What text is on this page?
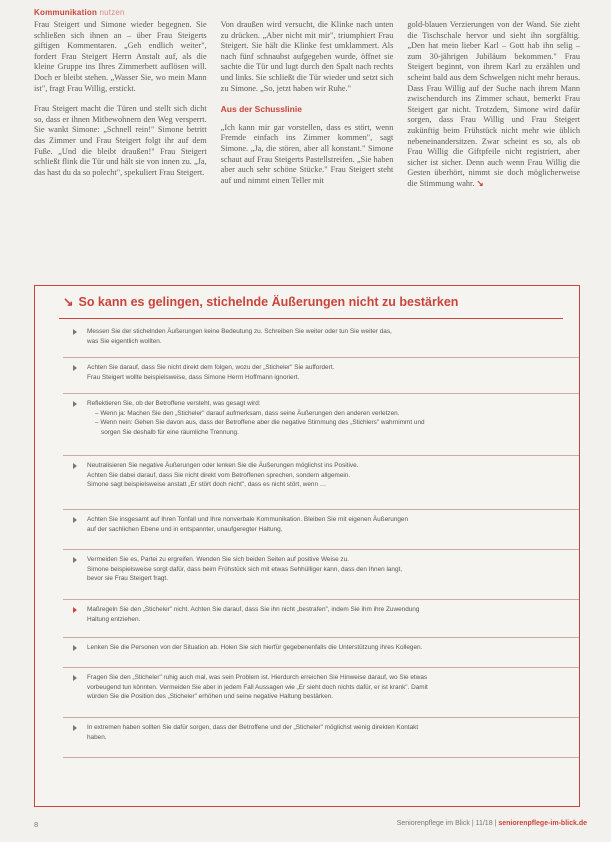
Kommunikation nutzen

Frau Steigert und Simone wieder begegnen. Sie schließen sich ihnen an – über Frau Steigerts giftigen Kommentaren. „Geh endlich weiter", fordert Frau Steigert Herrn Anstalt auf, als die kleine Gruppe ins Ihres Zimmerbett auflösen will. Doch er bleibt stehen. „Wasser Sie, wo mein Mann ist", fragt Frau Willig, erstickt.

Frau Steigert macht die Türen und stellt sich dicht so, dass er ihnen Mitbewohnern den Weg versperrt. Sie wankt Simone: „Schnell rein!" Simone betritt das Zimmer und Frau Steigert folgt ihr auf dem Fuße. „Und die bleibt draußen!" Frau Steigert schließt flink die Tür und hält sie von innen zu. „Ja, das hast du da so polecht", spekuliert Frau Steigert.

Von draußen wird versucht, die Klinke nach unten zu drücken. „Aber nicht mit mir", triumphiert Frau Steigert. Sie hält die Klinke fest umklammert. Als nach fünf schnaubst aufgegeben wurde, öffnet sie sachte die Tür und lugt durch den Spalt nach rechts und links. Sie schließt die Tür wieder und setzt sich zu Simone. „So, jetzt haben wir Ruhe."

Aus der Schusslinie

„Ich kann mir gar vorstellen, dass es stört, wenn Fremde einfach ins Zimmer kommen", sagt Simone. „Ja, die stören, aber all konstant." Simone schaut auf Frau Steigerts Pastellstreifen. „Sie haben aber auch sehr schöne Stücke." Frau Steigert steht auf und nimmt einen Teller mit

gold-blauen Verzierungen von der Wand. Sie zieht die Tischschale hervor und sieht ihn sorgfältig. „Den hat mein lieber Karl – Gott hab ihn selig – zum 30-jährigen Jubiläum bekommen." Frau Steigert beginnt, von ihrem Karl zu erzählen und scheint bald aus dem Schwelgen nicht mehr heraus. Dass Frau Willig auf der Suche nach ihrem Mann zwischendurch ins Zimmer schaut, bemerkt Frau Steigert gar nicht. Trotzdem, Simone wird dafür sorgen, dass Frau Willig und Frau Steigert zukünftig beim Frühstück nicht mehr wie üblich nebeneinandersitzen. Zwar scheint es so, als ob Frau Willig die Giftpfeile nicht registriert, aber sicher ist sicher. Denn auch wenn Frau Willig die Gesten überhört, nimmt sie doch möglicherweise die Stimmung wahr. ↘

↘ So kann es gelingen, stichelnde Äußerungen nicht zu bestärken
Messen Sie der stichelnden Äußerungen keine Bedeutung zu. Schreiben Sie weiter oder tun Sie weiter das,
was Sie eigentlich wollten.
Achten Sie darauf, dass Sie nicht direkt dem folgen, wozu der „Sticheler" Sie auffordert.
Frau Steigert wollte beispielsweise, dass Simone Herrn Hoffmann ignoriert.
Reflektieren Sie, ob der Betroffene versteht, was gesagt wird:
– Wenn ja: Machen Sie den „Sticheler" darauf aufmerksam, dass seine Äußerungen den anderen verletzen.
– Wenn nein: Gehen Sie davon aus, dass der Betroffene aber die negative Stimmung des „Stichlers" wahrnimmt und
sorgen Sie deshalb für eine räumliche Trennung.
Neutralisieren Sie negative Äußerungen oder lenken Sie die Äußerungen möglichst ins Positive.
Achten Sie dabei darauf, dass Sie nicht direkt vom Betroffenen sprechen, sondern allgemein.
Simone sagt beispielsweise anstatt „Er stört doch nicht", dass es nicht stört, wenn …
Achten Sie insgesamt auf Ihren Tonfall und Ihre nonverbale Kommunikation. Bleiben Sie mit eigenen Äußerungen
auf der sachlichen Ebene und in entspannter, unaufgeregter Haltung.
Vermeiden Sie es, Partei zu ergreifen. Wenden Sie sich beiden Seiten auf positive Weise zu.
Simone beispielsweise sorgt dafür, dass beim Frühstück sich mit etwas Sehhülliger kann, dass den Ihnen langt,
bevor sie Frau Steigert fragt.
Maßregeln Sie den „Sticheler" nicht. Achten Sie darauf, dass Sie ihn nicht „bestrafen", indem Sie ihm ihre Zuwendung
Haltung entziehen.
Lenken Sie die Personen von der Situation ab. Holen Sie sich hierfür gegebenenfalls die Unterstützung ihres Kollegen.
Fragen Sie den „Sticheler" ruhig auch mal, was sein Problem ist. Hierdurch erreichen Sie Hinweise darauf, wo Sie etwas
vorbeugend tun könnten. Vermeiden Sie aber in jedem Fall Aussagen wie „Er sieht doch nichts dafür, er ist krank". Damit
würden Sie die Position des „Sticheler" erhöhen und seine negative Haltung bestärken.
In extremen haben sollten Sie dafür sorgen, dass der Betroffene und der „Sticheler" möglichst wenig direkten Kontakt
haben.
8	Seniorenpflege im Blick | 11/18 | seniorenpflege-im-blick.de
